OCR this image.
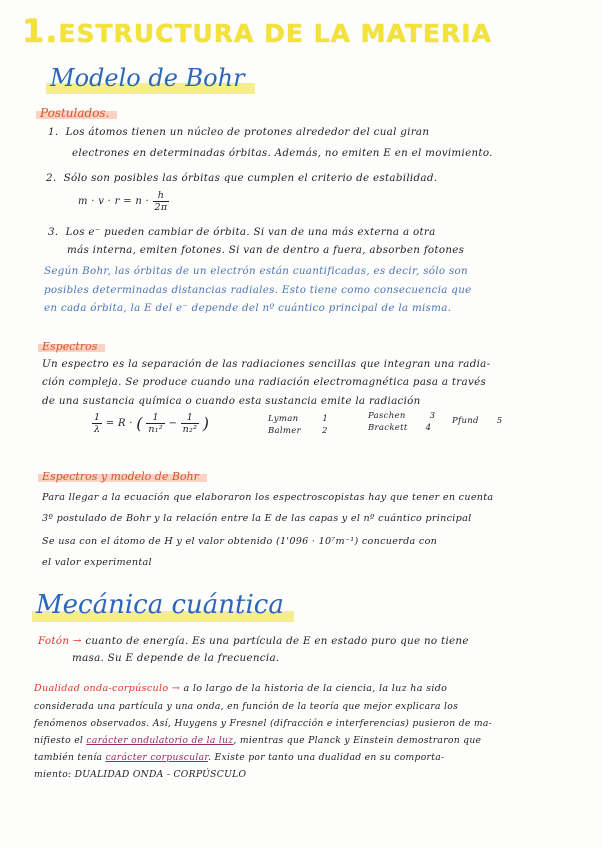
1.ESTRUCTURA DE LA MATERIA
Modelo de Bohr
Postulados.
1. Los átomos tienen un núcleo de protones alrededor del cual giran
electrones en determinadas órbitas. Además, no emiten E en el movimiento.
2. Sólo son posibles las órbitas que cumplen el criterio de estabilidad.
$m \cdot v \cdot r = n \cdot \frac{h}{2\pi}$
3. Los e⁻ pueden cambiar de órbita. Si van de una más externa a otra
más interna, emiten fotones. Si van de dentro a fuera, absorben fotones
Según Bohr, las órbitas de un electrón están cuantificadas, es decir, sólo son
posibles determinadas distancias radiales. Esto tiene como consecuencia que
en cada órbita, la E del e⁻ depende del nº cuántico principal de la misma.
Espectros
Un espectro es la separación de las radiaciones sencillas que integran una radia-
ción compleja. Se produce cuando una radiación electromagnética pasa a través
de una sustancia química o cuando esta sustancia emite la radiación
$\frac{1}{\lambda} = R$ · ( $\frac{1}{\text{n₁²}} - \frac{1}{\text{n₂²}}$ )	Lyman	1
Balmer 2
Paschen	3
Brackett 4
Pfund 5
Espectros y modelo de Bohr
Para llegar a la ecuación que elaboraron los espectroscopistas hay que tener en cuenta
3º postulado de Bohr y la relación entre la E de las capas y el nº cuántico principal
Se usa con el átomo de H y el valor obtenido (1'096 · 10⁷m⁻¹) concuerda con
el valor experimental
Mecánica cuántica
Fotón → cuanto de energía. Es una partícula de E en estado puro que no tiene
masa. Su E depende de la frecuencia.
Dualidad onda-corpúsculo → a lo largo de la historia de la ciencia, la luz ha sido
considerada una partícula y una onda, en función de la teoría que mejor explicara los
fenómenos observados. Así, Huygens y Fresnel (difracción e interferencias) pusieron de ma-
nifiesto el carácter ondulatorio de la luz, mientras que Planck y Einstein demostraron que
también tenía carácter corpuscular. Existe por tanto una dualidad en su comporta-
miento: DUALIDAD ONDA - CORPÚSCULO
